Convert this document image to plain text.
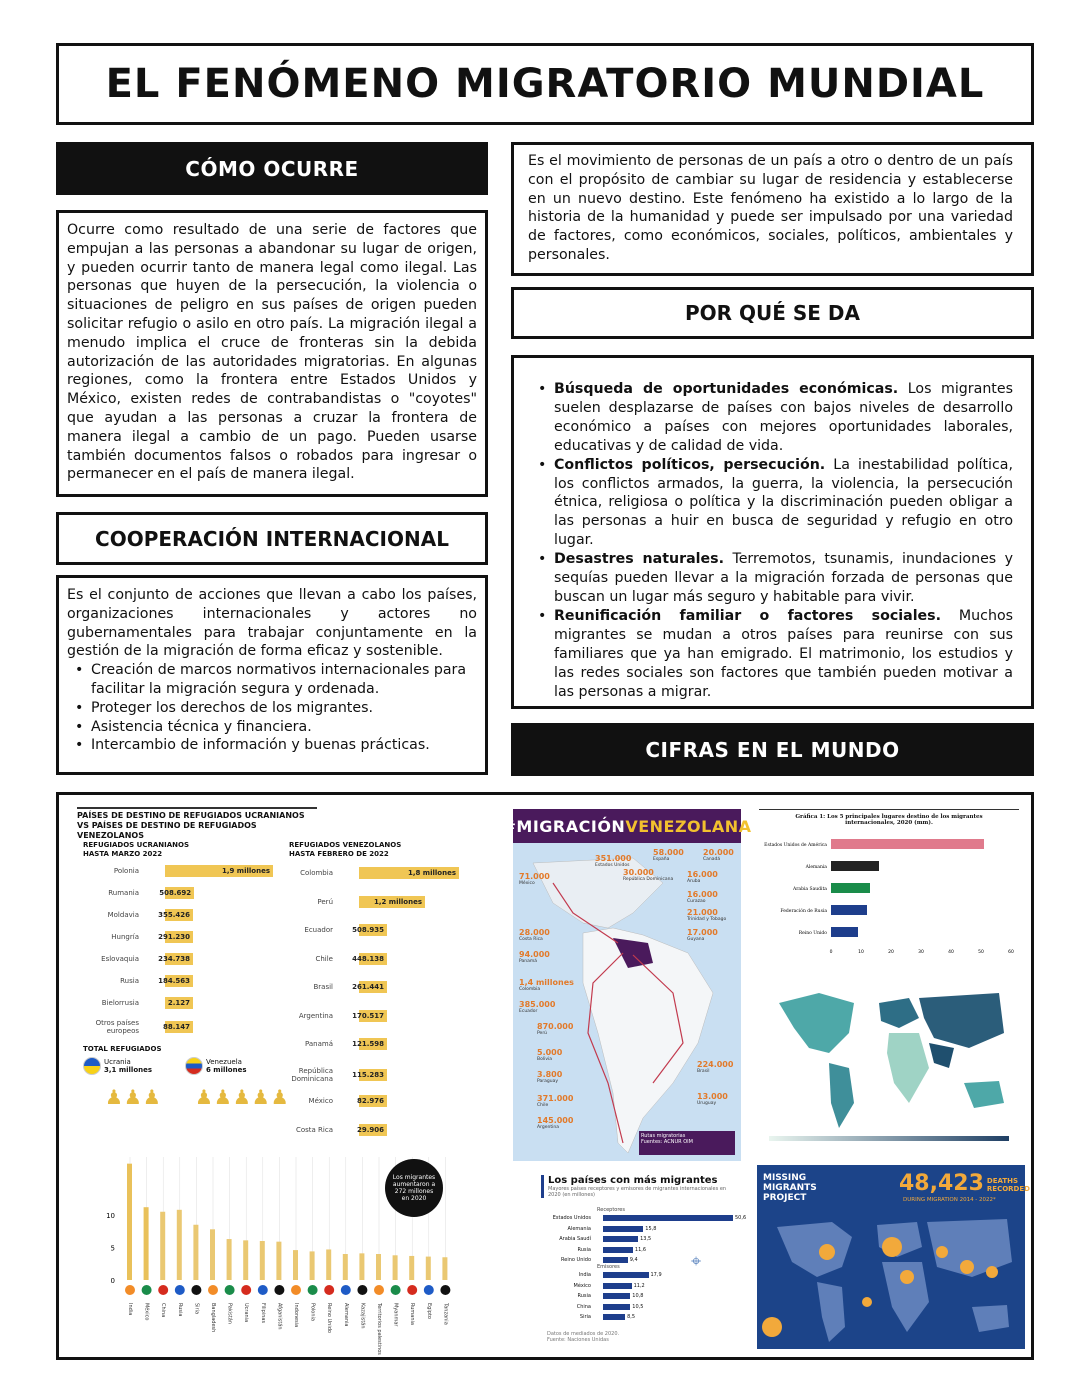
EL FENÓMENO MIGRATORIO MUNDIAL
CÓMO OCURRE

Ocurre como resultado de una serie de factores que empujan a las personas a abandonar su lugar de origen, y pueden ocurrir tanto de manera legal como ilegal. Las personas que huyen de la persecución, la violencia o situaciones de peligro en sus países de origen pueden solicitar refugio o asilo en otro país. La migración ilegal a menudo implica el cruce de fronteras sin la debida autorización de las autoridades migratorias. En algunas regiones, como la frontera entre Estados Unidos y México, existen redes de contrabandistas o "coyotes" que ayudan a las personas a cruzar la frontera de manera ilegal a cambio de un pago. Pueden usarse también documentos falsos o robados para ingresar o permanecer en el país de manera ilegal.

COOPERACIÓN INTERNACIONAL

Es el conjunto de acciones que llevan a cabo los países, organizaciones internacionales y actores no gubernamentales para trabajar conjuntamente en la gestión de la migración de forma eficaz y sostenible.

• Creación de marcos normativos internacionales para facilitar la migración segura y ordenada.
• Proteger los derechos de los migrantes.
• Asistencia técnica y financiera.
• Intercambio de información y buenas prácticas.

Es el movimiento de personas de un país a otro o dentro de un país con el propósito de cambiar su lugar de residencia y establecerse en un nuevo destino. Este fenómeno ha existido a lo largo de la historia de la humanidad y puede ser impulsado por una variedad de factores, como económicos, sociales, políticos, ambientales y personales.

POR QUÉ SE DA
• Búsqueda de oportunidades económicas. Los migrantes suelen desplazarse de países con bajos niveles de desarrollo económico a países con mejores oportunidades laborales, educativas y de calidad de vida.
• Conflictos políticos, persecución. La inestabilidad política, los conflictos armados, la guerra, la violencia, la persecución étnica, religiosa o política y la discriminación pueden obligar a las personas a huir en busca de seguridad y refugio en otro lugar.
• Desastres naturales. Terremotos, tsunamis, inundaciones y sequías pueden llevar a la migración forzada de personas que buscan un lugar más seguro y habitable para vivir.
• Reunificación familiar o factores sociales. Muchos migrantes se mudan a otros países para reunirse con sus familiares que ya han emigrado. El matrimonio, los estudios y las redes sociales son factores que también pueden motivar a las personas a migrar.
CIFRAS EN EL MUNDO
PAÍSES DE DESTINO DE REFUGIADOS UCRANIANOS
VS PAÍSES DE DESTINO DE REFUGIADOS VENEZOLANOS
REFUGIADOS UCRANIANOS
HASTA MARZO 2022
REFUGIADOS VENEZOLANOS
HASTA FEBRERO DE 2022
Polonia	1,9 millones
Rumania	508.692
Moldavia	355.426
Hungría	291.230
Eslovaquia	234.738
Rusia	184.563
Bielorrusia	2.127
Otros países europeos	88.147
Colombia	1,8 millones
Perú	1,2 millones
Ecuador	508.935
Chile	448.138
Brasil	261.441
Argentina	170.517
Panamá	121.598
República Dominicana	115.283
México	82.976
Costa Rica	29.906
TOTAL REFUGIADOS
Ucrania
3,1 millones
Venezuela
6 millones
♟♟♟ ♟♟♟♟♟
10
5
0
India México China Rusia Siria Bangladesh Pakistán Ucrania Filipinas Afganistán Indonesia Polonia Reino Unido Alemania Kazajistán Territorios palestinos Myanmar Rumania Egipto Tanzania
Los migrantes aumentaron a 272 millones en 2020
#MIGRACIÓN VENEZOLANA
351.000
Estados Unidos
58.000
España
20.000
Canadá
71.000
México
30.000
República Dominicana
16.000
Aruba
16.000
Curazao
21.000
Trinidad y Tobago
28.000
Costa Rica
17.000
Guyana
94.000
Panamá
1,4 millones
Colombia
385.000
Ecuador
870.000
Perú
5.000
Bolivia
224.000
Brasil
3.800
Paraguay
13.000
Uruguay
371.000
Chile
145.000
Argentina
Rutas migratorias
Fuentes: ACNUR OIM
Gráfica 1: Los 5 principales lugares destino de los migrantes internacionales, 2020 (mm).
Estados Unidos de América
Alemania
Arabia Saudita
Federación de Rusia
Reino Unido
0	10	20	30	40	50	60
Los países con más migrantes
Mayores países receptores y emisores de migrantes internacionales en 2020 (en millones)
Receptores
Estados Unidos	50,6
Alemania	15,8
Arabia Saudí	13,5
Rusia	11,6
Reino Unido	9,4
Emisores
India	17,9
México	11,2
Rusia	10,8
China	10,5
Siria	8,5
Datos de mediados de 2020.
Fuente: Naciones Unidas
⌖
MISSING
MIGRANTS
PROJECT
48,423 DEATHS
RECORDED
DURING MIGRATION 2014 - 2022*
